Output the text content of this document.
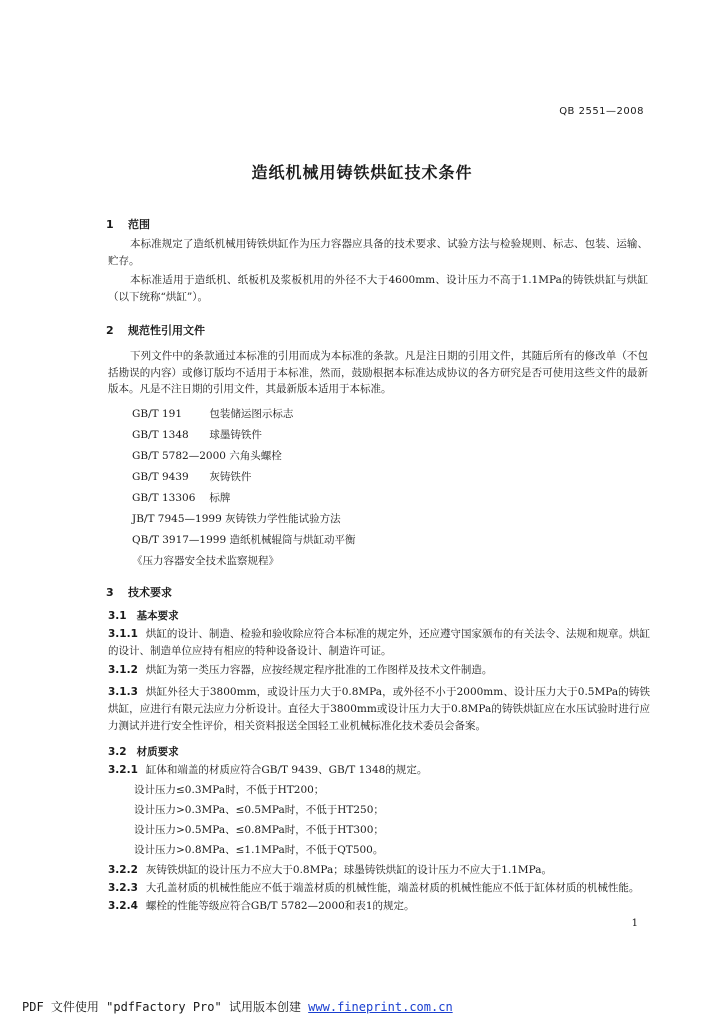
QB 2551—2008
造纸机械用铸铁烘缸技术条件
1 范围
本标准规定了造纸机械用铸铁烘缸作为压力容器应具备的技术要求、试验方法与检验规则、标志、包装、运输、贮存。
本标准适用于造纸机、纸板机及浆板机用的外径不大于4600mm、设计压力不高于1.1MPa的铸铁烘缸与烘缸（以下统称“烘缸”）。
2 规范性引用文件
下列文件中的条款通过本标准的引用而成为本标准的条款。凡是注日期的引用文件，其随后所有的修改单（不包括勘误的内容）或修订版均不适用于本标准，然而，鼓励根据本标准达成协议的各方研究是否可使用这些文件的最新版本。凡是不注日期的引用文件，其最新版本适用于本标准。
GB/T 191	包装储运图示标志
GB/T 1348 球墨铸铁件
GB/T 5782—2000 六角头螺栓
GB/T 9439 灰铸铁件
GB/T 13306 标牌
JB/T 7945—1999 灰铸铁力学性能试验方法
QB/T 3917—1999 造纸机械辊筒与烘缸动平衡
《压力容器安全技术监察规程》
3 技术要求
3.1 基本要求
3.1.1 烘缸的设计、制造、检验和验收除应符合本标准的规定外，还应遵守国家颁布的有关法令、法规和规章。烘缸的设计、制造单位应持有相应的特种设备设计、制造许可证。
3.1.2 烘缸为第一类压力容器，应按经规定程序批准的工作图样及技术文件制造。
3.1.3 烘缸外径大于3800mm，或设计压力大于0.8MPa，或外径不小于2000mm、设计压力大于0.5MPa的铸铁烘缸，应进行有限元法应力分析设计。直径大于3800mm或设计压力大于0.8MPa的铸铁烘缸应在水压试验时进行应力测试并进行安全性评价，相关资料报送全国轻工业机械标准化技术委员会备案。
3.2 材质要求
3.2.1 缸体和端盖的材质应符合GB/T 9439、GB/T 1348的规定。
设计压力≤0.3MPa时，不低于HT200；
设计压力>0.3MPa、≤0.5MPa时，不低于HT250；
设计压力>0.5MPa、≤0.8MPa时，不低于HT300；
设计压力>0.8MPa、≤1.1MPa时，不低于QT500。
3.2.2 灰铸铁烘缸的设计压力不应大于0.8MPa；球墨铸铁烘缸的设计压力不应大于1.1MPa。
3.2.3 大孔盖材质的机械性能应不低于端盖材质的机械性能，端盖材质的机械性能应不低于缸体材质的机械性能。
3.2.4 螺栓的性能等级应符合GB/T 5782—2000和表1的规定。
1
PDF 文件使用 "pdfFactory Pro" 试用版本创建 www.fineprint.com.cn
